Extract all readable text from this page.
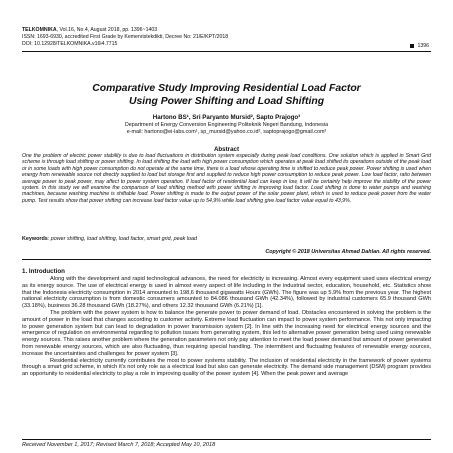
TELKOMNIKA, Vol.16, No.4, August 2018, pp. 1396~1403
ISSN: 1693-6930, accredited First Grade by Kemenristekdikti, Decree No: 21/E/KPT/2018
DOI: 10.12928/TELKOMNIKA.v16i4.7715	1396
Comparative Study Improving Residential Load Factor
Using Power Shifting and Load Shifting
Hartono BS¹, Sri Paryanto Mursid², Sapto Prajogo³
Department of Energy Conversion Engineering Politeknik Negeri Bandung, Indonesia
e-mail: hartono@ei-labs.com¹, sp_mursid@yahoo.co.id², saptoprajogo@gmail.com³
Abstract
One the problem of electric power stability is due to load fluctuations in distribution system especially during peak load conditions. One solution which is applied in Smart Grid scheme is through load shifting or power shifting. In load shifting the load with high power consumption which operates at peak load shifted its operations outside of the peak load or in some loads with high power consumption do not operate at the same time, there is a load whose operating time is shifted to reduce peak power. Power shifting is used when energy from renewable source not directly supplied to load but storage first and supplied to reduce high power consumption to reduce peak power. Low load factor, ratio between average power to peak power, may affect to power system operation. If load factor of residential load can keep in low, it will be certainly help improve the stability of the power system. In this study we will examine the comparison of load shifting method with power shifting in improving load factor. Load shifting is done to water pumps and washing machines, because washing machine is shiftable load. Power shifting is made to the output power of the solar power plant, which is used to reduce peak power from the water pump. Test results show that power shifting can increase load factor value up to 54,9% while load shifting give load factor value equal to 43,9%.
Keywords: power shifting, load shifting, load factor, smart grid, peak load
Copyright © 2018 Universitas Ahmad Dahlan. All rights reserved.
1. Introduction

Along with the development and rapid technological advances, the need for electricity is increasing. Almost every equipment used uses electrical energy as its energy source. The use of electrical energy is used in almost every aspect of life including in the industrial sector, education, household, etc. Statistics show that the Indonesia electricity consumption in 2014 amounted to 198,6 thousand gigawatts Hours (GWh). The figure was up 5.9% from the previous year. The highest national electricity consumption is from domestic consumers amounted to 84.086 thousand GWh (42.34%), followed by industrial customers 65.9 thousand GWh (33.18%), business 36.28 thousand GWh (18.27%), and others 12.32 thousand GWh (6.21%) [1].

The problem with the power system is how to balance the generate power to power demand of load. Obstacles encountered in solving the problem is the amount of power in the load that changes according to customer activity. Extreme load fluctuation can impact to power system performance. This not only impacting to power generation system but can lead to degradation in power transmission system [2]. In line with the increasing need for electrical energy sources and the emergence of regulation on environmental regarding to pollution issues from generating system, this led to alternative power generation being used using renewable energy sources. This raises another problem where the generation parameters not only pay attention to meet the load power demand but amount of power generated from renewable energy sources, which are also fluctuating, thus requiring special handling. The intermittent and fluctuating features of renewable energy sources, increase the uncertainties and challenges for power system [3].

Residential electricity currently contributes the most to power systems stability. The inclusion of residential electricity in the framework of power systems through a smart grid scheme, in which it's not only role as a electrical load but also can generate electricity. The demand side management (DSM) program provides an opportunity to residential electricity to play a role in improving quality of the power system [4]. When the peak power and average

Received November 1, 2017; Revised March 7, 2018; Accepted May 10, 2018
